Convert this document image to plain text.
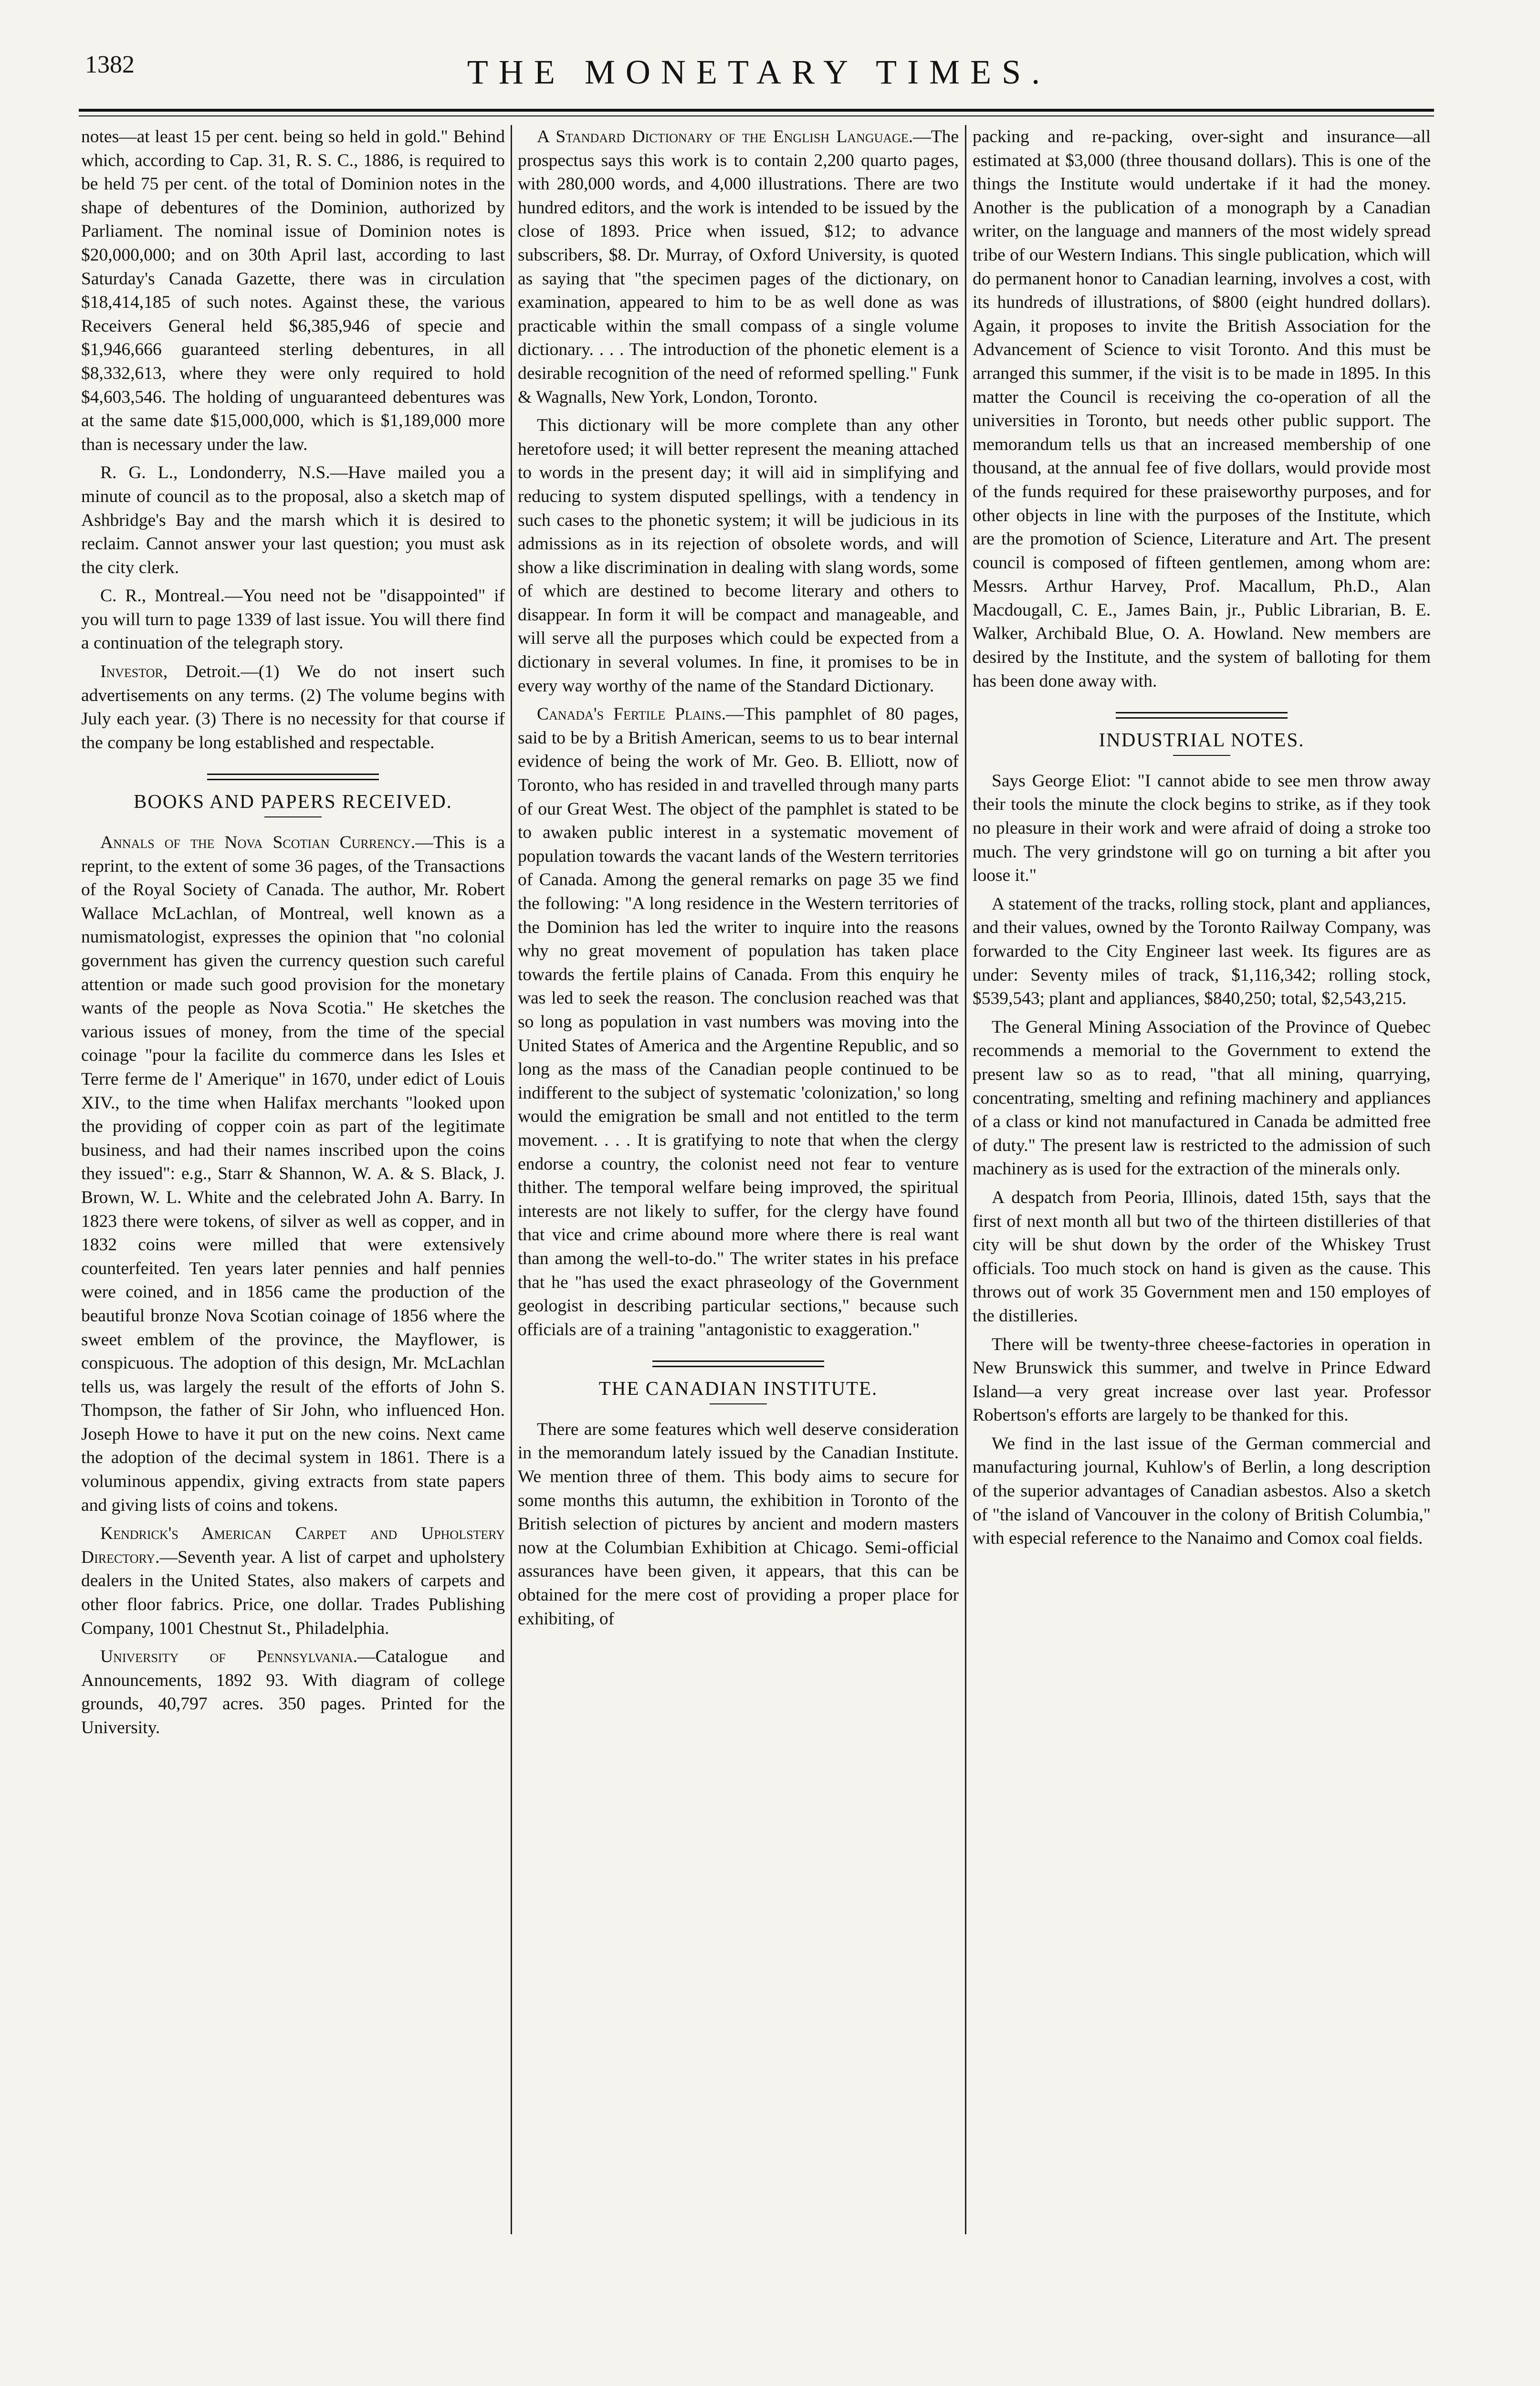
1382	THE MONETARY TIMES.

notes—at least 15 per cent. being so held in gold." Behind which, according to Cap. 31, R. S. C., 1886, is required to be held 75 per cent. of the total of Dominion notes in the shape of debentures of the Dominion, authorized by Parliament. The nominal issue of Dominion notes is $20,000,000; and on 30th April last, according to last Saturday's Canada Gazette, there was in circulation $18,414,185 of such notes. Against these, the various Receivers General held $6,385,946 of specie and $1,946,666 guaranteed sterling debentures, in all $8,332,613, where they were only required to hold $4,603,546. The holding of unguaranteed debentures was at the same date $15,000,000, which is $1,189,000 more than is necessary under the law.

R. G. L., Londonderry, N.S.—Have mailed you a minute of council as to the proposal, also a sketch map of Ashbridge's Bay and the marsh which it is desired to reclaim. Cannot answer your last question; you must ask the city clerk.

C. R., Montreal.—You need not be "disappointed" if you will turn to page 1339 of last issue. You will there find a continuation of the telegraph story.

Investor, Detroit.—(1) We do not insert such advertisements on any terms. (2) The volume begins with July each year. (3) There is no necessity for that course if the company be long established and respectable.

BOOKS AND PAPERS RECEIVED.

Annals of the Nova Scotian Currency.—This is a reprint, to the extent of some 36 pages, of the Transactions of the Royal Society of Canada. The author, Mr. Robert Wallace McLachlan, of Montreal, well known as a numismatologist, expresses the opinion that "no colonial government has given the currency question such careful attention or made such good provision for the monetary wants of the people as Nova Scotia." He sketches the various issues of money, from the time of the special coinage "pour la facilite du commerce dans les Isles et Terre ferme de l' Amerique" in 1670, under edict of Louis XIV., to the time when Halifax merchants "looked upon the providing of copper coin as part of the legitimate business, and had their names inscribed upon the coins they issued": e.g., Starr & Shannon, W. A. & S. Black, J. Brown, W. L. White and the celebrated John A. Barry. In 1823 there were tokens, of silver as well as copper, and in 1832 coins were milled that were extensively counterfeited. Ten years later pennies and half pennies were coined, and in 1856 came the production of the beautiful bronze Nova Scotian coinage of 1856 where the sweet emblem of the province, the Mayflower, is conspicuous. The adoption of this design, Mr. McLachlan tells us, was largely the result of the efforts of John S. Thompson, the father of Sir John, who influenced Hon. Joseph Howe to have it put on the new coins. Next came the adoption of the decimal system in 1861. There is a voluminous appendix, giving extracts from state papers and giving lists of coins and tokens.

Kendrick's American Carpet and Upholstery Directory.—Seventh year. A list of carpet and upholstery dealers in the United States, also makers of carpets and other floor fabrics. Price, one dollar. Trades Publishing Company, 1001 Chestnut St., Philadelphia.

University of Pennsylvania.—Catalogue and Announcements, 1892 93. With diagram of college grounds, 40,797 acres. 350 pages. Printed for the University.

A Standard Dictionary of the English Language.—The prospectus says this work is to contain 2,200 quarto pages, with 280,000 words, and 4,000 illustrations. There are two hundred editors, and the work is intended to be issued by the close of 1893. Price when issued, $12; to advance subscribers, $8. Dr. Murray, of Oxford University, is quoted as saying that "the specimen pages of the dictionary, on examination, appeared to him to be as well done as was practicable within the small compass of a single volume dictionary. . . . The introduction of the phonetic element is a desirable recognition of the need of reformed spelling." Funk & Wagnalls, New York, London, Toronto.

This dictionary will be more complete than any other heretofore used; it will better represent the meaning attached to words in the present day; it will aid in simplifying and reducing to system disputed spellings, with a tendency in such cases to the phonetic system; it will be judicious in its admissions as in its rejection of obsolete words, and will show a like discrimination in dealing with slang words, some of which are destined to become literary and others to disappear. In form it will be compact and manageable, and will serve all the purposes which could be expected from a dictionary in several volumes. In fine, it promises to be in every way worthy of the name of the Standard Dictionary.

Canada's Fertile Plains.—This pamphlet of 80 pages, said to be by a British American, seems to us to bear internal evidence of being the work of Mr. Geo. B. Elliott, now of Toronto, who has resided in and travelled through many parts of our Great West. The object of the pamphlet is stated to be to awaken public interest in a systematic movement of population towards the vacant lands of the Western territories of Canada. Among the general remarks on page 35 we find the following: "A long residence in the Western territories of the Dominion has led the writer to inquire into the reasons why no great movement of population has taken place towards the fertile plains of Canada. From this enquiry he was led to seek the reason. The conclusion reached was that so long as population in vast numbers was moving into the United States of America and the Argentine Republic, and so long as the mass of the Canadian people continued to be indifferent to the subject of systematic 'colonization,' so long would the emigration be small and not entitled to the term movement. . . . It is gratifying to note that when the clergy endorse a country, the colonist need not fear to venture thither. The temporal welfare being improved, the spiritual interests are not likely to suffer, for the clergy have found that vice and crime abound more where there is real want than among the well-to-do." The writer states in his preface that he "has used the exact phraseology of the Government geologist in describing particular sections," because such officials are of a training "antagonistic to exaggeration."

THE CANADIAN INSTITUTE.

There are some features which well deserve consideration in the memorandum lately issued by the Canadian Institute. We mention three of them. This body aims to secure for some months this autumn, the exhibition in Toronto of the British selection of pictures by ancient and modern masters now at the Columbian Exhibition at Chicago. Semi-official assurances have been given, it appears, that this can be obtained for the mere cost of providing a proper place for exhibiting, of

packing and re-packing, over-sight and insurance—all estimated at $3,000 (three thousand dollars). This is one of the things the Institute would undertake if it had the money. Another is the publication of a monograph by a Canadian writer, on the language and manners of the most widely spread tribe of our Western Indians. This single publication, which will do permanent honor to Canadian learning, involves a cost, with its hundreds of illustrations, of $800 (eight hundred dollars). Again, it proposes to invite the British Association for the Advancement of Science to visit Toronto. And this must be arranged this summer, if the visit is to be made in 1895. In this matter the Council is receiving the co-operation of all the universities in Toronto, but needs other public support. The memorandum tells us that an increased membership of one thousand, at the annual fee of five dollars, would provide most of the funds required for these praiseworthy purposes, and for other objects in line with the purposes of the Institute, which are the promotion of Science, Literature and Art. The present council is composed of fifteen gentlemen, among whom are: Messrs. Arthur Harvey, Prof. Macallum, Ph.D., Alan Macdougall, C. E., James Bain, jr., Public Librarian, B. E. Walker, Archibald Blue, O. A. Howland. New members are desired by the Institute, and the system of balloting for them has been done away with.

INDUSTRIAL NOTES.

Says George Eliot: "I cannot abide to see men throw away their tools the minute the clock begins to strike, as if they took no pleasure in their work and were afraid of doing a stroke too much. The very grindstone will go on turning a bit after you loose it."

A statement of the tracks, rolling stock, plant and appliances, and their values, owned by the Toronto Railway Company, was forwarded to the City Engineer last week. Its figures are as under: Seventy miles of track, $1,116,342; rolling stock, $539,543; plant and appliances, $840,250; total, $2,543,215.

The General Mining Association of the Province of Quebec recommends a memorial to the Government to extend the present law so as to read, "that all mining, quarrying, concentrating, smelting and refining machinery and appliances of a class or kind not manufactured in Canada be admitted free of duty." The present law is restricted to the admission of such machinery as is used for the extraction of the minerals only.

A despatch from Peoria, Illinois, dated 15th, says that the first of next month all but two of the thirteen distilleries of that city will be shut down by the order of the Whiskey Trust officials. Too much stock on hand is given as the cause. This throws out of work 35 Government men and 150 employes of the distilleries.

There will be twenty-three cheese-factories in operation in New Brunswick this summer, and twelve in Prince Edward Island—a very great increase over last year. Professor Robertson's efforts are largely to be thanked for this.

We find in the last issue of the German commercial and manufacturing journal, Kuhlow's of Berlin, a long description of the superior advantages of Canadian asbestos. Also a sketch of "the island of Vancouver in the colony of British Columbia," with especial reference to the Nanaimo and Comox coal fields.
